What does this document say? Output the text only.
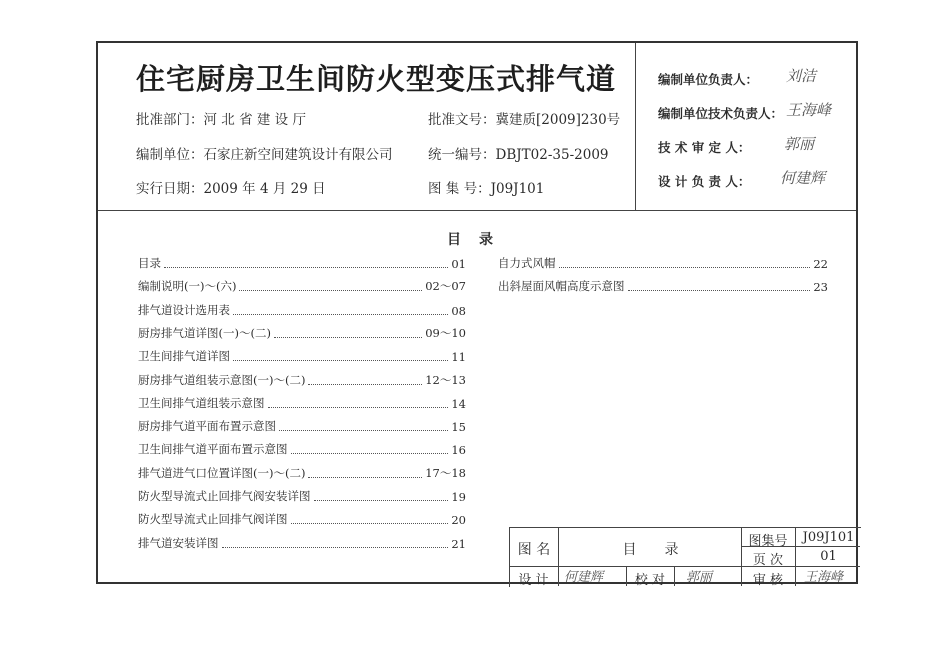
住宅厨房卫生间防火型变压式排气道
批准部门：河 北 省 建 设 厅	批准文号：冀建质[2009]230号
编制单位：石家庄新空间建筑设计有限公司	统一编号：DBJT02-35-2009
实行日期：2009 年 4 月 29 日	图 集 号：J09J101
编制单位负责人： 刘洁
编制单位技术负责人： 王海峰
技 术 审 定 人： 郭丽
设 计 负 责 人： 何建辉
目录
目录	01
编制说明(一)～(六)	02～07
排气道设计选用表	08
厨房排气道详图(一)～(二)	09～10
卫生间排气道详图	11
厨房排气道组装示意图(一)～(二)	12～13
卫生间排气道组装示意图	14
厨房排气道平面布置示意图	15
卫生间排气道平面布置示意图	16
排气道进气口位置详图(一)～(二)	17～18
防火型导流式止回排气阀安装详图	19
防火型导流式止回排气阀详图	20
排气道安装详图	21
自力式风帽	22
出斜屋面风帽高度示意图	23
图 名	目　　录
图集号	J09J101
页 次	01
设 计	何建辉	校 对	郭丽	审 核	王海峰
